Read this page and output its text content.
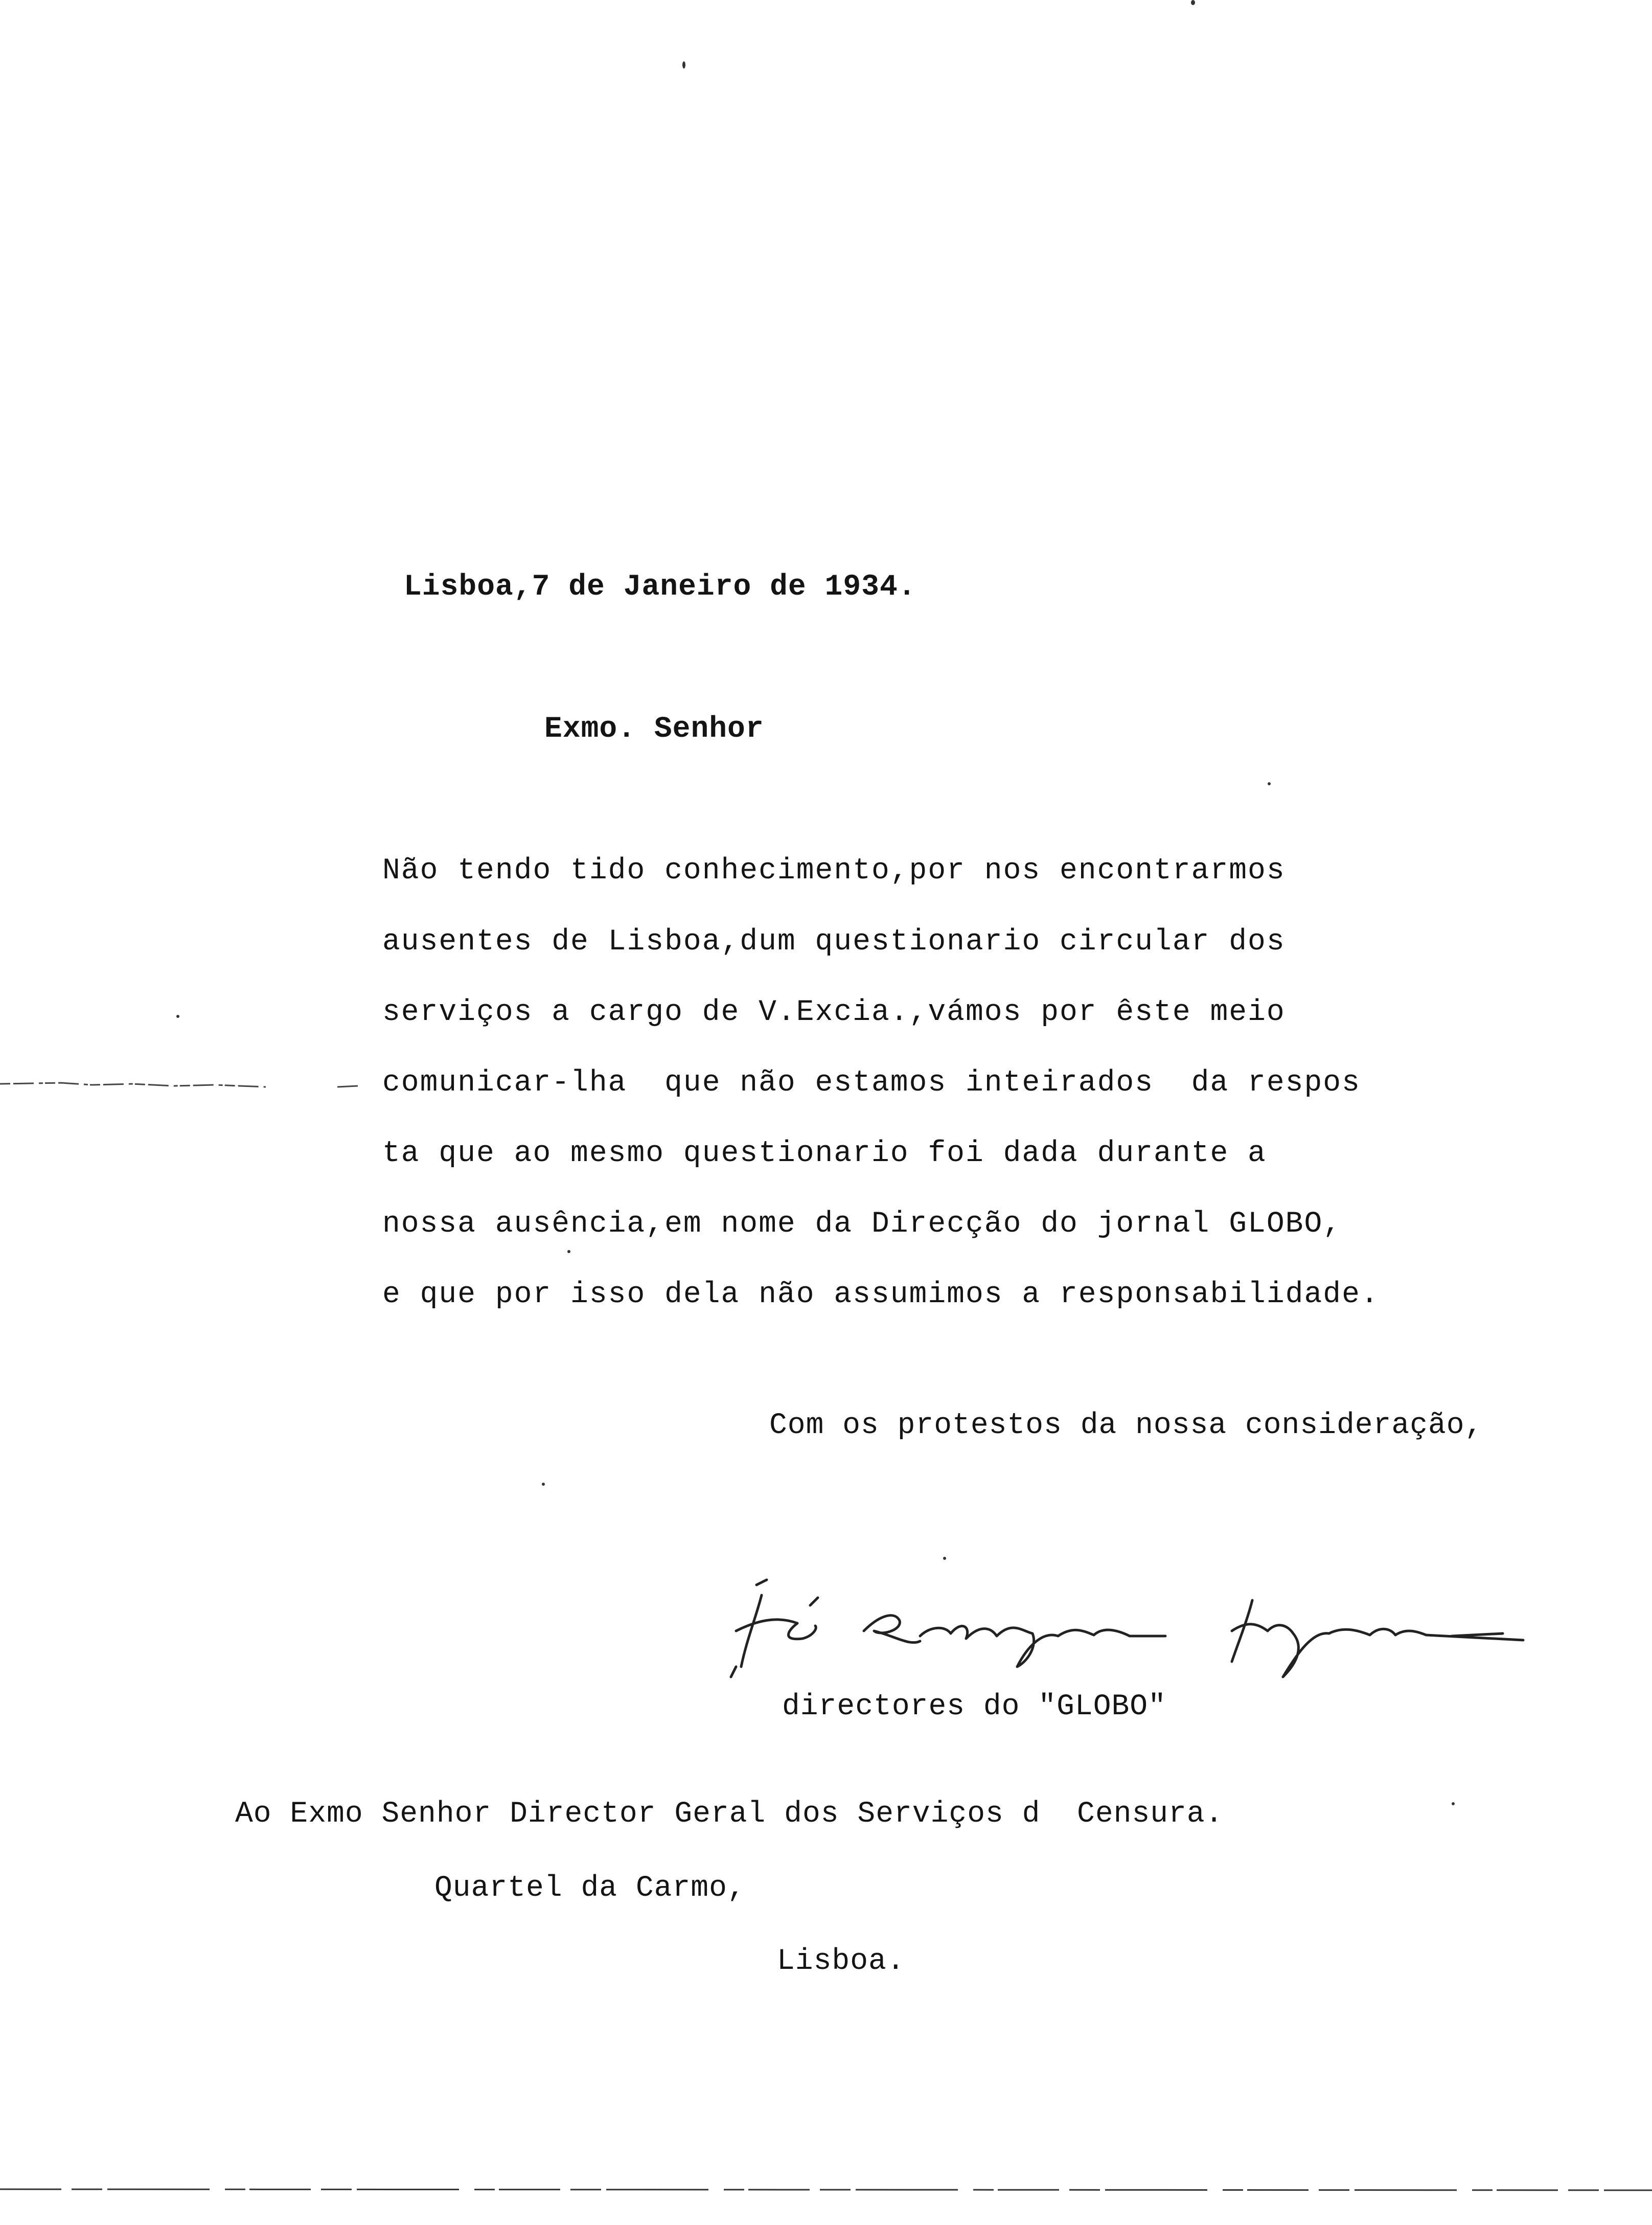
Lisboa,7 de Janeiro de 1934.
Exmo. Senhor
Não tendo tido conhecimento,por nos encontrarmos
ausentes de Lisboa,dum questionario circular dos
serviços a cargo de V.Excia.,vámos por êste meio
comunicar-lha  que não estamos inteirados  da respos
ta que ao mesmo questionario foi dada durante a
nossa ausência,em nome da Direcção do jornal GLOBO,
e que por isso dela não assumimos a responsabilidade.
Com os protestos da nossa consideração,
directores do "GLOBO"
Ao Exmo Senhor Director Geral dos Serviços d  Censura.
Quartel da Carmo,
Lisboa.
